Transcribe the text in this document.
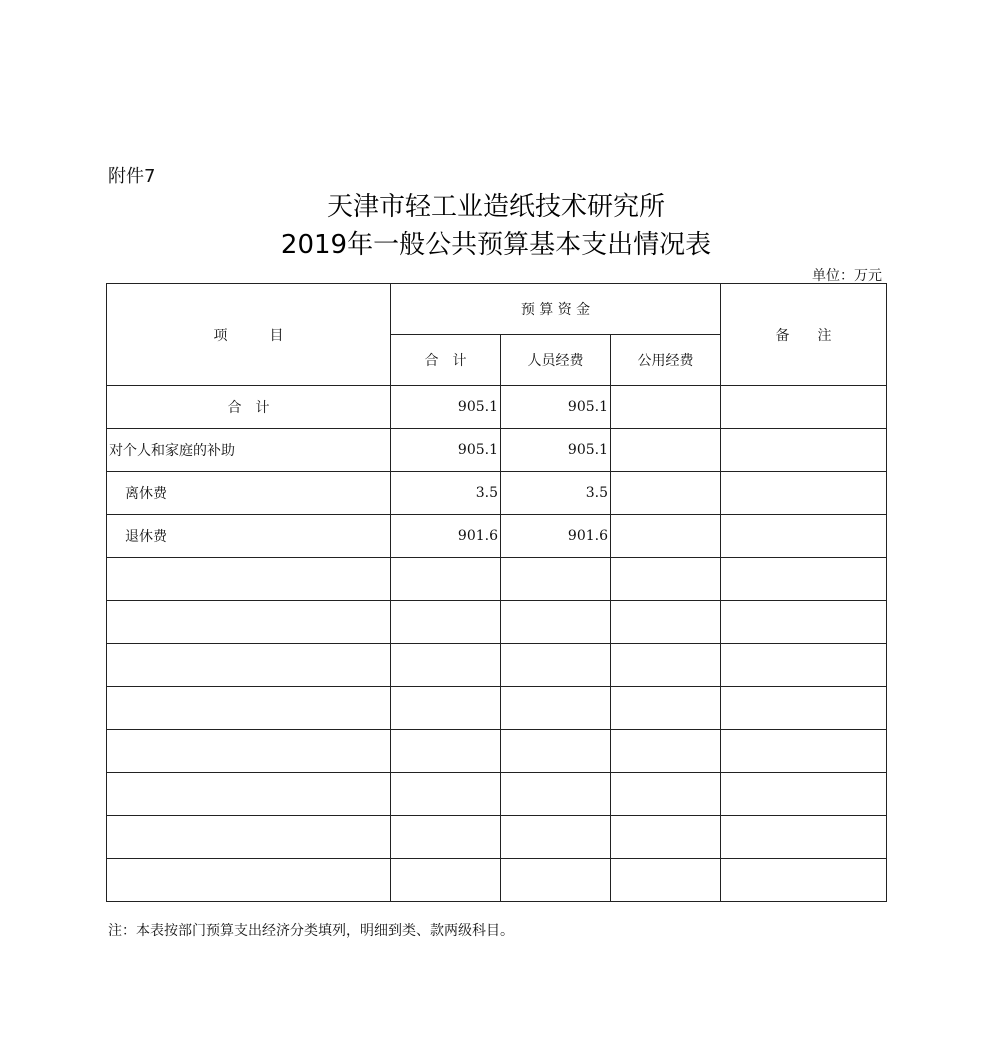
附件7
天津市轻工业造纸技术研究所
2019年一般公共预算基本支出情况表
单位：万元
项　　　目	预 算 资 金			备　　注
	合　计	人员经费	公用经费	
合　计	905.1	905.1		
对个人和家庭的补助	905.1	905.1		
离休费	3.5	3.5		
退休费	901.6	901.6		

注：本表按部门预算支出经济分类填列，明细到类、款两级科目。
